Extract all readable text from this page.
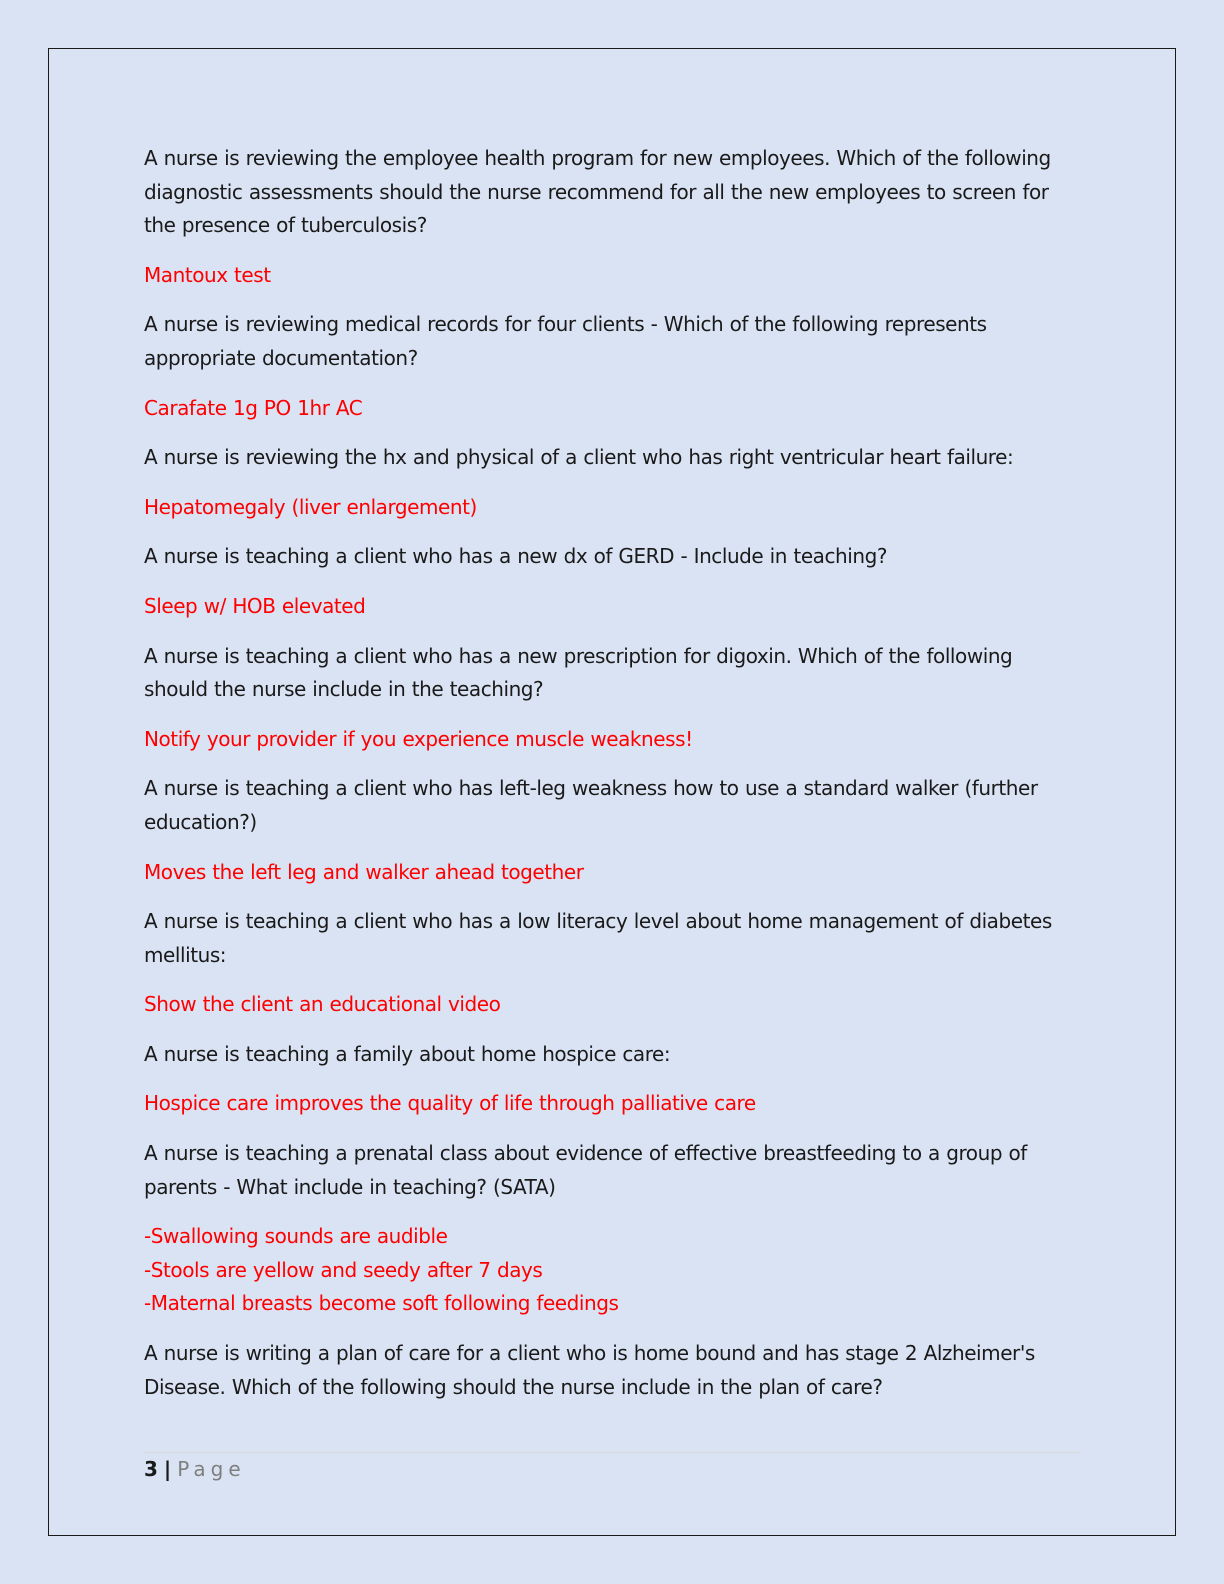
A nurse is reviewing the employee health program for new employees. Which of the following diagnostic assessments should the nurse recommend for all the new employees to screen for the presence of tuberculosis?

Mantoux test

A nurse is reviewing medical records for four clients - Which of the following represents appropriate documentation?

Carafate 1g PO 1hr AC

A nurse is reviewing the hx and physical of a client who has right ventricular heart failure:

Hepatomegaly (liver enlargement)

A nurse is teaching a client who has a new dx of GERD - Include in teaching?

Sleep w/ HOB elevated

A nurse is teaching a client who has a new prescription for digoxin. Which of the following should the nurse include in the teaching?

Notify your provider if you experience muscle weakness!

A nurse is teaching a client who has left-leg weakness how to use a standard walker (further education?)

Moves the left leg and walker ahead together

A nurse is teaching a client who has a low literacy level about home management of diabetes mellitus:

Show the client an educational video

A nurse is teaching a family about home hospice care:

Hospice care improves the quality of life through palliative care

A nurse is teaching a prenatal class about evidence of effective breastfeeding to a group of parents - What include in teaching? (SATA)

-Swallowing sounds are audible
-Stools are yellow and seedy after 7 days
-Maternal breasts become soft following feedings

A nurse is writing a plan of care for a client who is home bound and has stage 2 Alzheimer's Disease. Which of the following should the nurse include in the plan of care?

3 | Page
